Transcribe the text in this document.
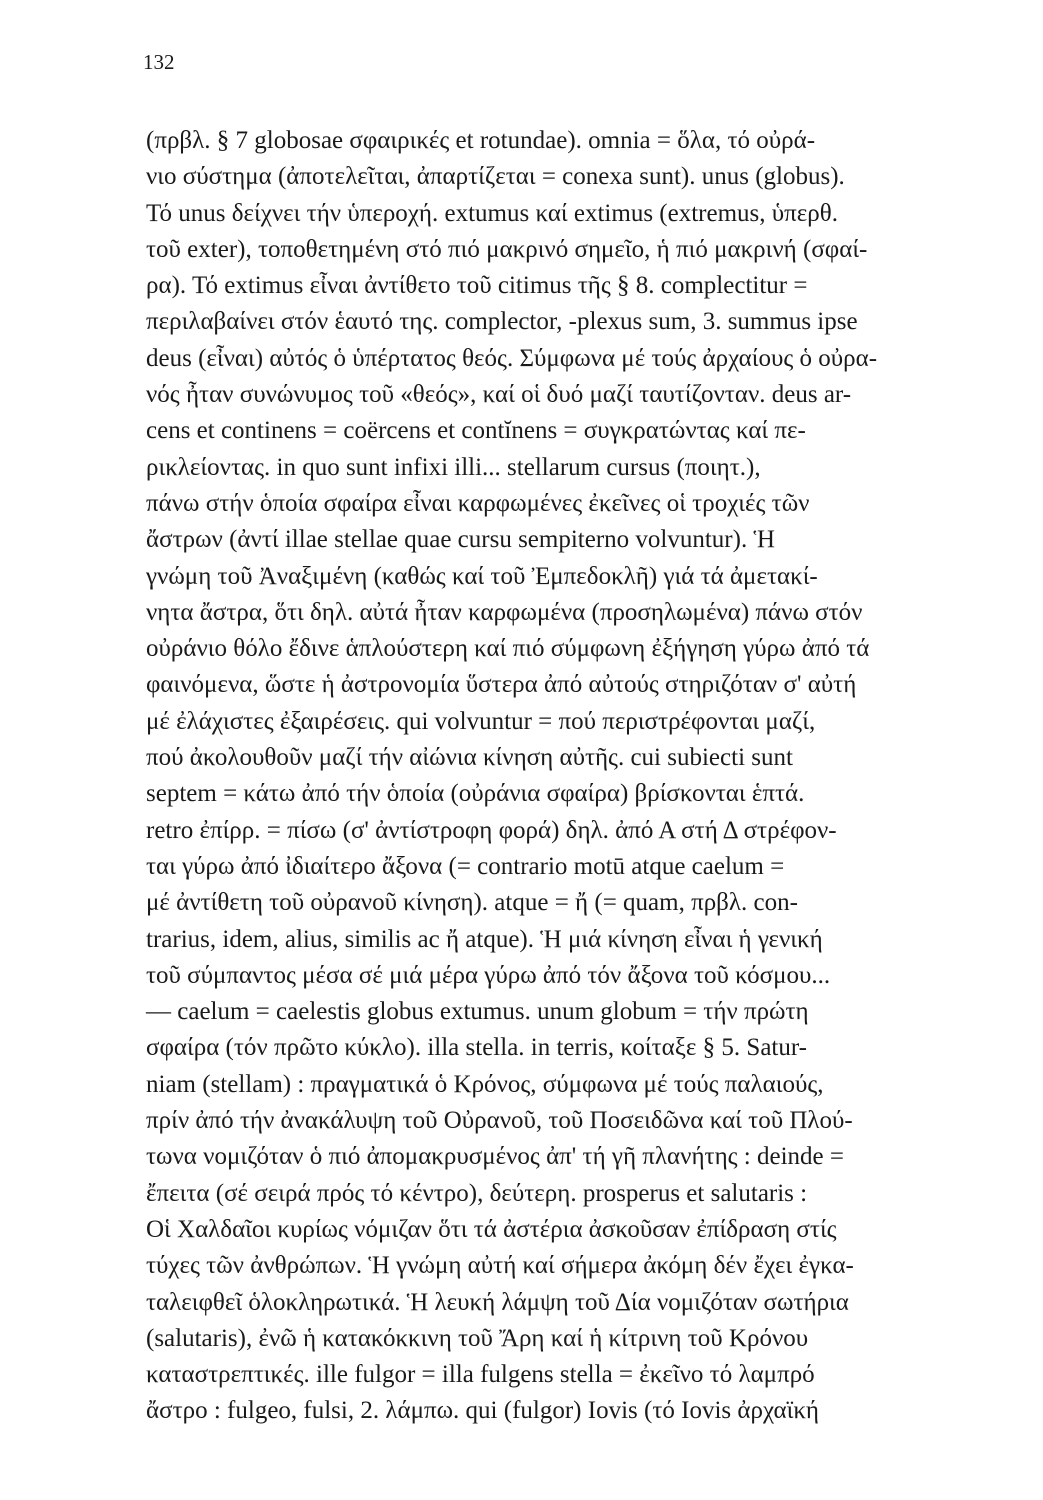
132
(πρβλ. § 7 globosae σφαιρικές et rotundae). omnia = ὅλα, τό οὐρά-
νιο σύστημα (ἀποτελεῖται, ἀπαρτίζεται = conexa sunt). unus (globus).
Τό unus δείχνει τήν ὑπεροχή. extumus καί extimus (extremus, ὑπερθ.
τοῦ exter), τοποθετημένη στό πιό μακρινό σημεῖο, ἡ πιό μακρινή (σφαί-
ρα). Τό extimus εἶναι ἀντίθετο τοῦ citimus τῆς § 8. complectitur =
περιλαβαίνει στόν ἑαυτό της. complector, -plexus sum, 3. summus ipse
deus (εἶναι) αὐτός ὁ ὑπέρτατος θεός. Σύμφωνα μέ τούς ἀρχαίους ὁ οὐρα-
νός ἦταν συνώνυμος τοῦ «θεός», καί οἱ δυό μαζί ταυτίζονταν. deus ar-
cens et continens = coërcens et contĭnens = συγκρατώντας καί πε-
ρικλείοντας. in quo sunt infixi illi... stellarum cursus (ποιητ.),
πάνω στήν ὁποία σφαίρα εἶναι καρφωμένες ἐκεῖνες οἱ τροχιές τῶν
ἄστρων (ἀντί illae stellae quae cursu sempiterno volvuntur). Ἡ
γνώμη τοῦ Ἀναξιμένη (καθώς καί τοῦ Ἐμπεδοκλῆ) γιά τά ἀμετακί-
νητα ἄστρα, ὅτι δηλ. αὐτά ἦταν καρφωμένα (προσηλωμένα) πάνω στόν
οὐράνιο θόλο ἔδινε ἁπλούστερη καί πιό σύμφωνη ἐξήγηση γύρω ἀπό τά
φαινόμενα, ὥστε ἡ ἀστρονομία ὕστερα ἀπό αὐτούς στηριζόταν σ' αὐτή
μέ ἐλάχιστες ἐξαιρέσεις. qui volvuntur = πού περιστρέφονται μαζί,
πού ἀκολουθοῦν μαζί τήν αἰώνια κίνηση αὐτῆς. cui subiecti sunt
septem = κάτω ἀπό τήν ὁποία (οὐράνια σφαίρα) βρίσκονται ἑπτά.
retro ἐπίρρ. = πίσω (σ' ἀντίστροφη φορά) δηλ. ἀπό Α στή Δ στρέφον-
ται γύρω ἀπό ἰδιαίτερο ἄξονα (= contrario motū atque caelum =
μέ ἀντίθετη τοῦ οὐρανοῦ κίνηση). atque = ἤ (= quam, πρβλ. con-
trarius, idem, alius, similis ac ἤ atque). Ἡ μιά κίνηση εἶναι ἡ γενική
τοῦ σύμπαντος μέσα σέ μιά μέρα γύρω ἀπό τόν ἄξονα τοῦ κόσμου...
— caelum = caelestis globus extumus. unum globum = τήν πρώτη
σφαίρα (τόν πρῶτο κύκλο). illa stella. in terris, κοίταξε § 5. Satur-
niam (stellam) : πραγματικά ὁ Κρόνος, σύμφωνα μέ τούς παλαιούς,
πρίν ἀπό τήν ἀνακάλυψη τοῦ Οὐρανοῦ, τοῦ Ποσειδῶνα καί τοῦ Πλού-
τωνα νομιζόταν ὁ πιό ἀπομακρυσμένος ἀπ' τή γῆ πλανήτης : deinde =
ἔπειτα (σέ σειρά πρός τό κέντρο), δεύτερη. prosperus et salutaris :
Οἱ Χαλδαῖοι κυρίως νόμιζαν ὅτι τά ἀστέρια ἀσκοῦσαν ἐπίδραση στίς
τύχες τῶν ἀνθρώπων. Ἡ γνώμη αὐτή καί σήμερα ἀκόμη δέν ἔχει ἐγκα-
ταλειφθεῖ ὁλοκληρωτικά. Ἡ λευκή λάμψη τοῦ Δία νομιζόταν σωτήρια
(salutaris), ἐνῶ ἡ κατακόκκινη τοῦ Ἄρη καί ἡ κίτρινη τοῦ Κρόνου
καταστρεπτικές. ille fulgor = illa fulgens stella = ἐκεῖνο τό λαμπρό
ἄστρο : fulgeo, fulsi, 2. λάμπω. qui (fulgor) Iovis (τό Iovis ἀρχαϊκή
